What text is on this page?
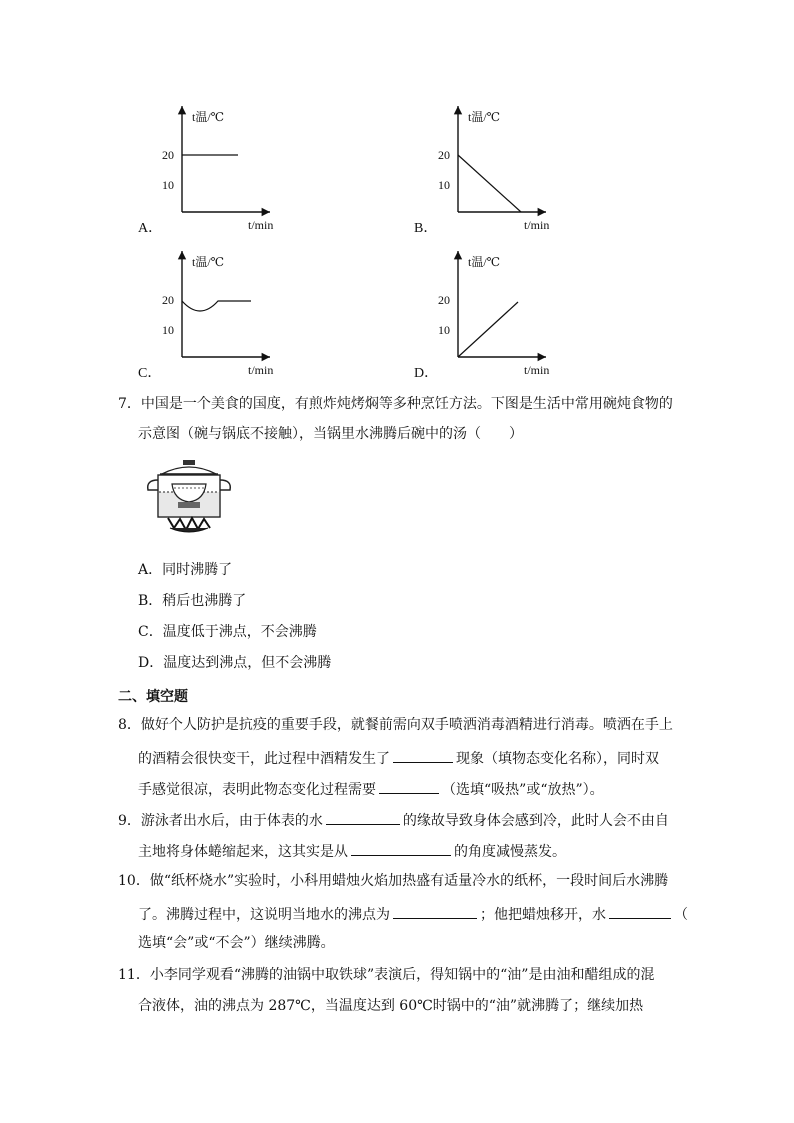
t温/℃
20
10
t/min
A．
t温/℃
20
10
t/min
B．
t温/℃
20
10
t/min
C．
t温/℃
20
10
t/min
D．
7．中国是一个美食的国度，有煎炸炖烤焖等多种烹饪方法。下图是生活中常用碗炖食物的
示意图（碗与锅底不接触），当锅里水沸腾后碗中的汤（　　）
A．同时沸腾了
B．稍后也沸腾了
C．温度低于沸点，不会沸腾
D．温度达到沸点，但不会沸腾
二、填空题
8．做好个人防护是抗疫的重要手段，就餐前需向双手喷洒消毒酒精进行消毒。喷洒在手上
的酒精会很快变干，此过程中酒精发生了	现象（填物态变化名称），同时双
手感觉很凉，表明此物态变化过程需要	（选填“吸热”或“放热”）。
9．游泳者出水后，由于体表的水	的缘故导致身体会感到冷，此时人会不由自
主地将身体蜷缩起来，这其实是从	的角度减慢蒸发。
10．做“纸杯烧水”实验时，小科用蜡烛火焰加热盛有适量冷水的纸杯，一段时间后水沸腾
了。沸腾过程中，这说明当地水的沸点为	；他把蜡烛移开，水	（
选填“会”或“不会”）继续沸腾。
11．小李同学观看“沸腾的油锅中取铁球”表演后，得知锅中的“油”是由油和醋组成的混
合液体，油的沸点为 287℃，当温度达到 60℃时锅中的“油”就沸腾了；继续加热
